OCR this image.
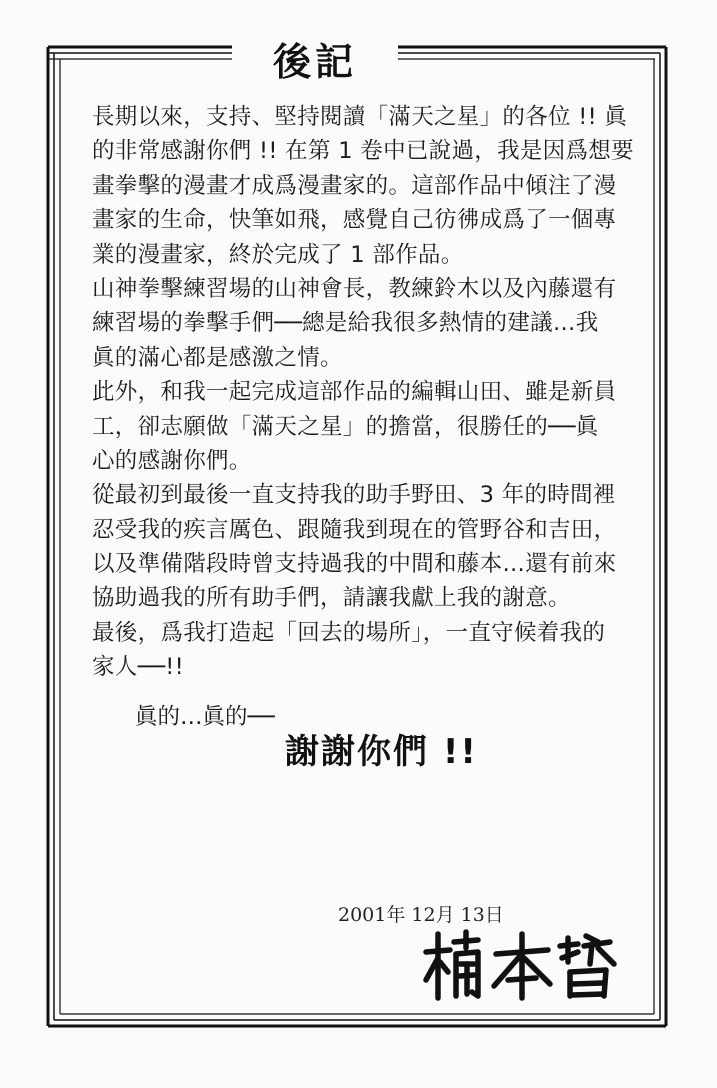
後記
長期以來，支持、堅持閱讀「滿天之星」的各位 !! 眞
的非常感謝你們 !! 在第 1 卷中已說過，我是因爲想要
畫拳擊的漫畫才成爲漫畫家的。這部作品中傾注了漫
畫家的生命，快筆如飛，感覺自己彷彿成爲了一個專
業的漫畫家，終於完成了 1 部作品。
山神拳擊練習場的山神會長，教練鈴木以及內藤還有
練習場的拳擊手們──總是給我很多熱情的建議…我
眞的滿心都是感激之情。
此外，和我一起完成這部作品的編輯山田、雖是新員
工，卻志願做「滿天之星」的擔當，很勝任的──眞
心的感謝你們。
從最初到最後一直支持我的助手野田、3 年的時間裡
忍受我的疾言厲色、跟隨我到現在的管野谷和吉田，
以及準備階段時曾支持過我的中間和藤本…還有前來
協助過我的所有助手們，請讓我獻上我的謝意。
最後，爲我打造起「回去的場所」，一直守候着我的
家人──!!
眞的…眞的──
謝謝你們 !!
2001年 12月 13日
